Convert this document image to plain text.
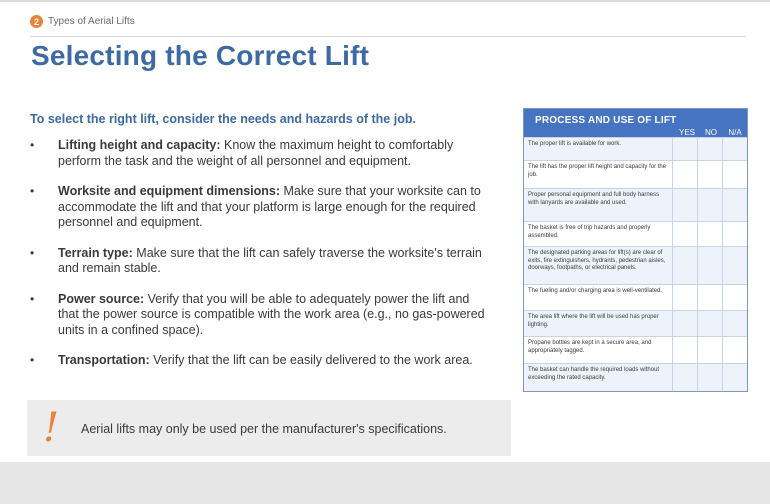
2 Types of Aerial Lifts
Selecting the Correct Lift
To select the right lift, consider the needs and hazards of the job.
•	Lifting height and capacity: Know the maximum height to comfortably perform the task and the weight of all personnel and equipment.
•	Worksite and equipment dimensions: Make sure that your worksite can to accommodate the lift and that your platform is large enough for the required personnel and equipment.
•	Terrain type: Make sure that the lift can safely traverse the worksite's terrain and remain stable.
•	Power source: Verify that you will be able to adequately power the lift and that the power source is compatible with the work area (e.g., no gas-powered units in a confined space).
•	Transportation: Verify that the lift can be easily delivered to the work area.
! Aerial lifts may only be used per the manufacturer's specifications.
PROCESS AND USE OF LIFT
YES	NO	N/A
The proper lift is available for work.
The lift has the proper lift height and capacity for the job.
Proper personal equipment and full body harness with lanyards are available and used.
The basket is free of trip hazards and properly assembled.
The designated parking areas for lift(s) are clear of exits, fire extinguishers, hydrants, pedestrian aisles, doorways, footpaths, or electrical panels.
The fueling and/or charging area is well-ventilated.
The area lift where the lift will be used has proper lighting.
Propane bottles are kept in a secure area, and appropriately tagged.
The basket can handle the required loads without exceeding the rated capacity.
